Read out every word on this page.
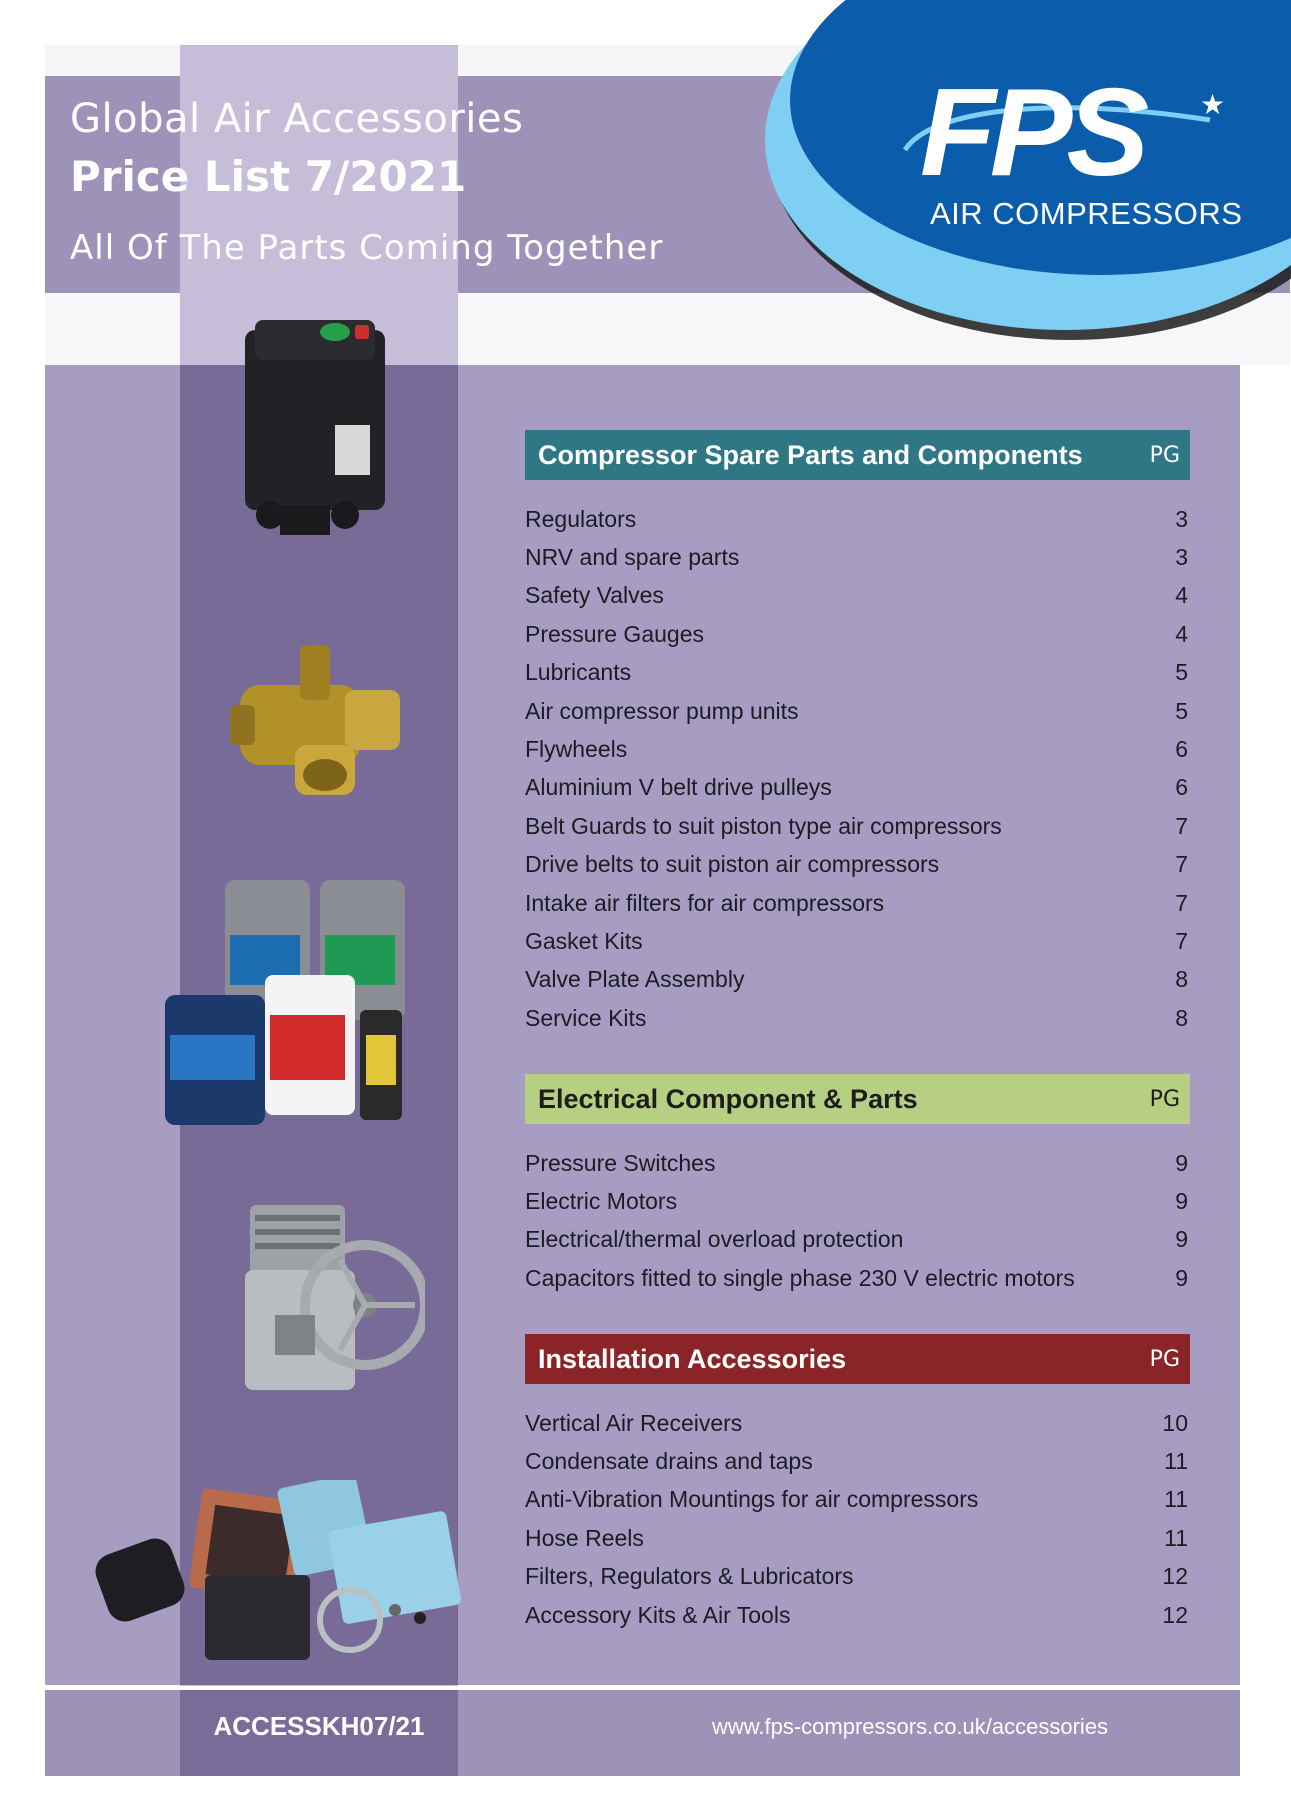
Global Air Accessories
Price List 7/2021
All Of The Parts Coming Together
FPS ★
AIR COMPRESSORS
Compressor Spare Parts and Components	PG
Regulators	3
NRV and spare parts	3
Safety Valves	4
Pressure Gauges	4
Lubricants	5
Air compressor pump units	5
Flywheels	6
Aluminium V belt drive pulleys	6
Belt Guards to suit piston type air compressors	7
Drive belts to suit piston air compressors	7
Intake air filters for air compressors	7
Gasket Kits	7
Valve Plate Assembly	8
Service Kits	8
Electrical Component & Parts	PG
Pressure Switches	9
Electric Motors	9
Electrical/thermal overload protection	9
Capacitors fitted to single phase 230 V electric motors	9
Installation Accessories	PG
Vertical Air Receivers	10
Condensate drains and taps	11
Anti-Vibration Mountings for air compressors	11
Hose Reels	11
Filters, Regulators & Lubricators	12
Accessory Kits & Air Tools	12
ACCESSKH07/21	www.fps-compressors.co.uk/accessories
